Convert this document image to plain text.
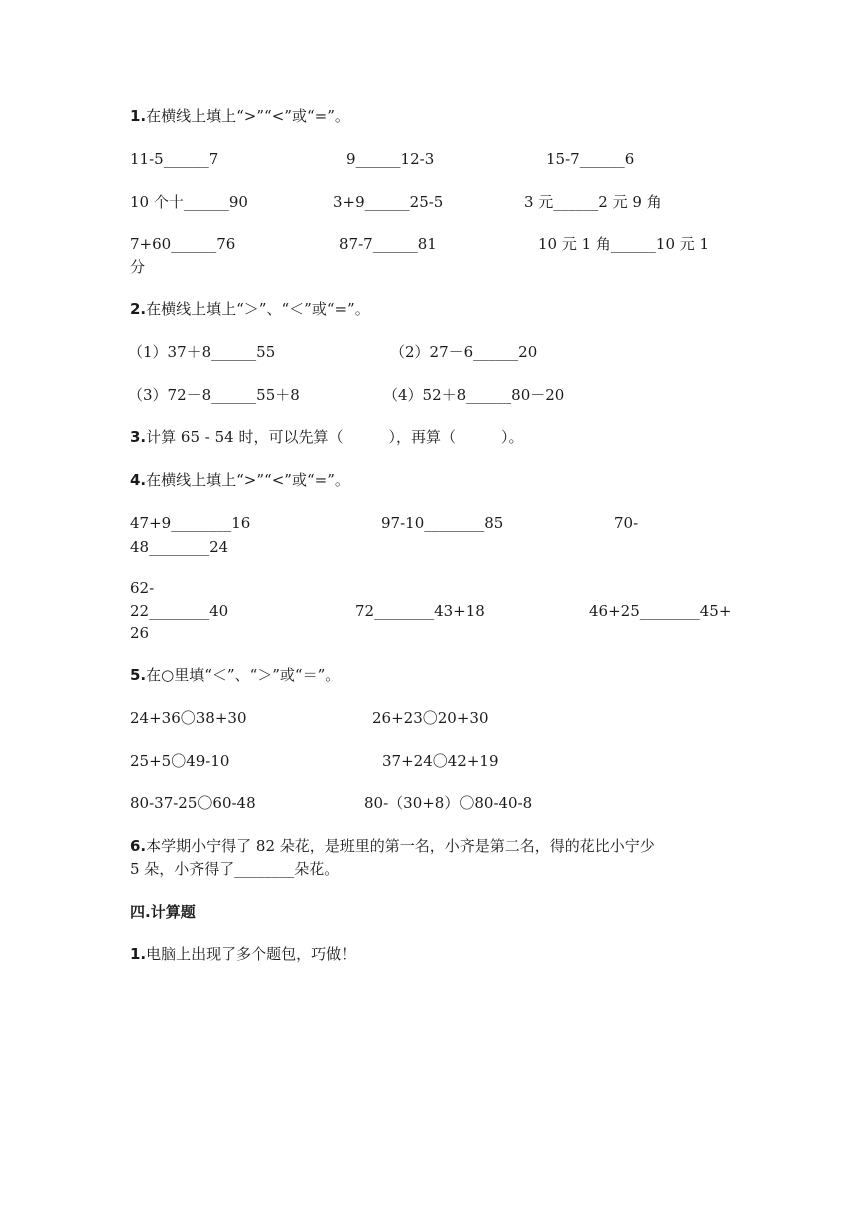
1.在横线上填上“>”“<”或“=”。
11-5______7	9______12-3	15-7______6
10 个十______90	3+9______25-5	3 元______2 元 9 角
7+60______76	87-7______81	10 元 1 角______10 元 1
分
2.在横线上填上“＞”、“＜”或“=”。
（1）37＋8______55	（2）27－6______20
（3）72－8______55＋8	（4）52＋8______80－20
3.计算 65 - 54 时，可以先算（　　　），再算（　　　）。
4.在横线上填上“>”“<”或“=”。
47+9________16	97-10________85	70-
48________24
62-
22________40	72________43+18	46+25________45+
26
5.在○里填“＜”、“＞”或“＝”。
24+36〇38+30	26+23〇20+30
25+5〇49-10	37+24〇42+19
80-37-25〇60-48	80-（30+8）〇80-40-8
6.本学期小宁得了 82 朵花，是班里的第一名，小齐是第二名，得的花比小宁少
5 朵，小齐得了________朵花。
四.计算题
1.电脑上出现了多个题包，巧做！
